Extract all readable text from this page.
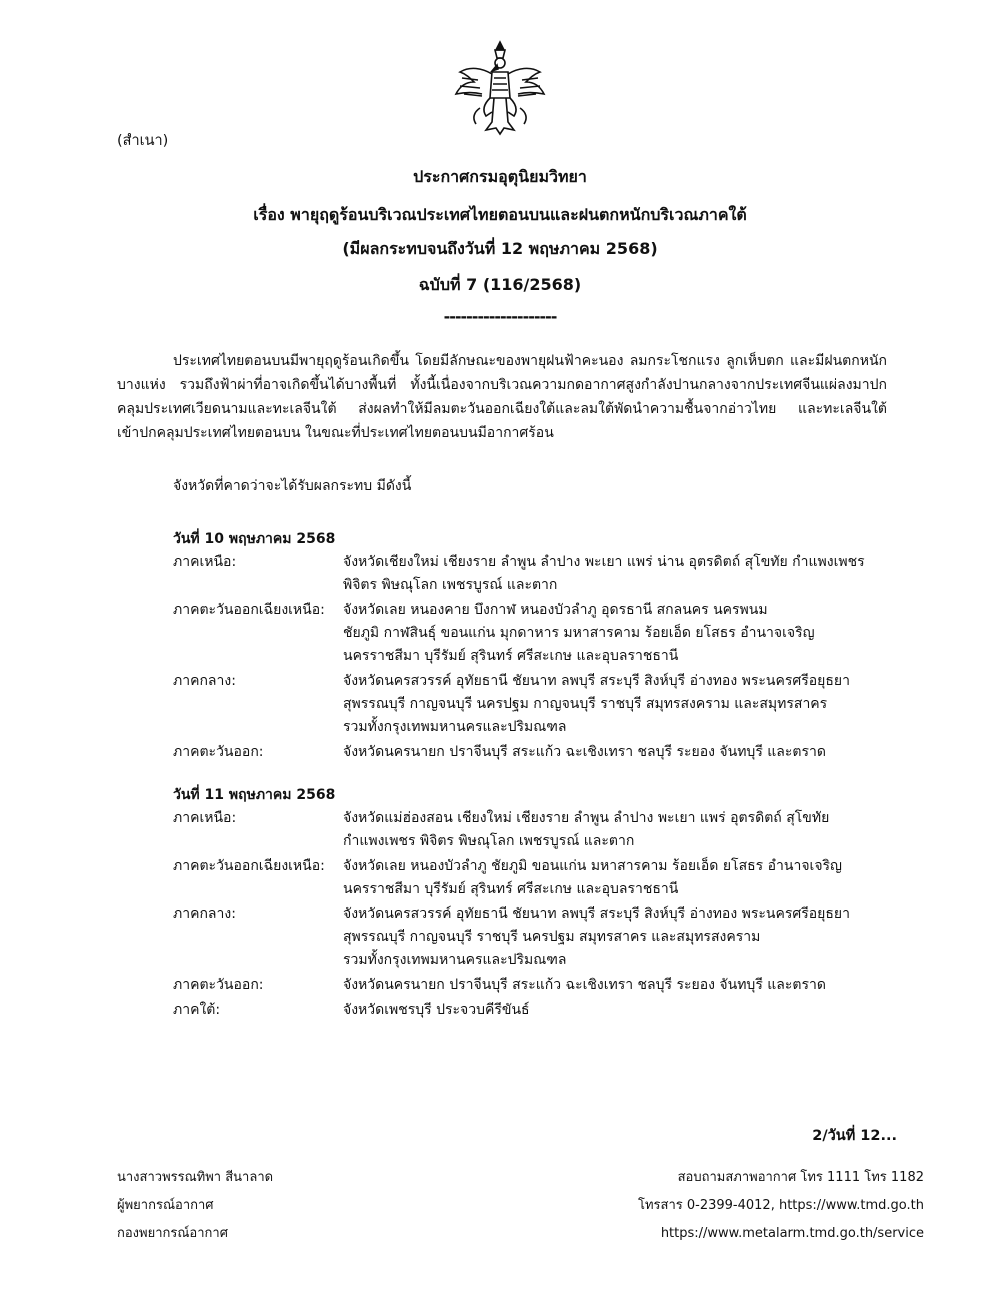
(สำเนา)
ประกาศกรมอุตุนิยมวิทยา
เรื่อง พายุฤดูร้อนบริเวณประเทศไทยตอนบนและฝนตกหนักบริเวณภาคใต้
(มีผลกระทบจนถึงวันที่ 12 พฤษภาคม 2568)
ฉบับที่ 7 (116/2568)
--------------------
ประเทศไทยตอนบนมีพายุฤดูร้อนเกิดขึ้น โดยมีลักษณะของพายุฝนฟ้าคะนอง ลมกระโชกแรง ลูกเห็บตก และมีฝนตกหนักบางแห่ง รวมถึงฟ้าผ่าที่อาจเกิดขึ้นได้บางพื้นที่ ทั้งนี้เนื่องจากบริเวณความกดอากาศสูงกำลังปานกลางจากประเทศจีนแผ่ลงมาปกคลุมประเทศเวียดนามและทะเลจีนใต้ ส่งผลทำให้มีลมตะวันออกเฉียงใต้และลมใต้พัดนำความชื้นจากอ่าวไทย และทะเลจีนใต้เข้าปกคลุมประเทศไทยตอนบน ในขณะที่ประเทศไทยตอนบนมีอากาศร้อน
จังหวัดที่คาดว่าจะได้รับผลกระทบ มีดังนี้
วันที่ 10 พฤษภาคม 2568
ภาคเหนือ:	จังหวัดเชียงใหม่ เชียงราย ลำพูน ลำปาง พะเยา แพร่ น่าน อุตรดิตถ์ สุโขทัย กำแพงเพชร
พิจิตร พิษณุโลก เพชรบูรณ์ และตาก
ภาคตะวันออกเฉียงเหนือ:	จังหวัดเลย หนองคาย บึงกาฬ หนองบัวลำภู อุดรธานี สกลนคร นครพนม
ชัยภูมิ กาฬสินธุ์ ขอนแก่น มุกดาหาร มหาสารคาม ร้อยเอ็ด ยโสธร อำนาจเจริญ
นครราชสีมา บุรีรัมย์ สุรินทร์ ศรีสะเกษ และอุบลราชธานี
ภาคกลาง:	จังหวัดนครสวรรค์ อุทัยธานี ชัยนาท ลพบุรี สระบุรี สิงห์บุรี อ่างทอง พระนครศรีอยุธยา
สุพรรณบุรี กาญจนบุรี นครปฐม กาญจนบุรี ราชบุรี สมุทรสงคราม และสมุทรสาคร
รวมทั้งกรุงเทพมหานครและปริมณฑล
ภาคตะวันออก:	จังหวัดนครนายก ปราจีนบุรี สระแก้ว ฉะเชิงเทรา ชลบุรี ระยอง จันทบุรี และตราด
วันที่ 11 พฤษภาคม 2568
ภาคเหนือ:	จังหวัดแม่ฮ่องสอน เชียงใหม่ เชียงราย ลำพูน ลำปาง พะเยา แพร่ อุตรดิตถ์ สุโขทัย
กำแพงเพชร พิจิตร พิษณุโลก เพชรบูรณ์ และตาก
ภาคตะวันออกเฉียงเหนือ:	จังหวัดเลย หนองบัวลำภู ชัยภูมิ ขอนแก่น มหาสารคาม ร้อยเอ็ด ยโสธร อำนาจเจริญ
นครราชสีมา บุรีรัมย์ สุรินทร์ ศรีสะเกษ และอุบลราชธานี
ภาคกลาง:	จังหวัดนครสวรรค์ อุทัยธานี ชัยนาท ลพบุรี สระบุรี สิงห์บุรี อ่างทอง พระนครศรีอยุธยา
สุพรรณบุรี กาญจนบุรี ราชบุรี นครปฐม สมุทรสาคร และสมุทรสงคราม
รวมทั้งกรุงเทพมหานครและปริมณฑล
ภาคตะวันออก:	จังหวัดนครนายก ปราจีนบุรี สระแก้ว ฉะเชิงเทรา ชลบุรี ระยอง จันทบุรี และตราด
ภาคใต้:	จังหวัดเพชรบุรี ประจวบคีรีขันธ์
2/วันที่ 12...
นางสาวพรรณทิพา สีนาลาด
ผู้พยากรณ์อากาศ
กองพยากรณ์อากาศ
สอบถามสภาพอากาศ โทร 1111 โทร 1182
โทรสาร 0-2399-4012, https://www.tmd.go.th
https://www.metalarm.tmd.go.th/service
